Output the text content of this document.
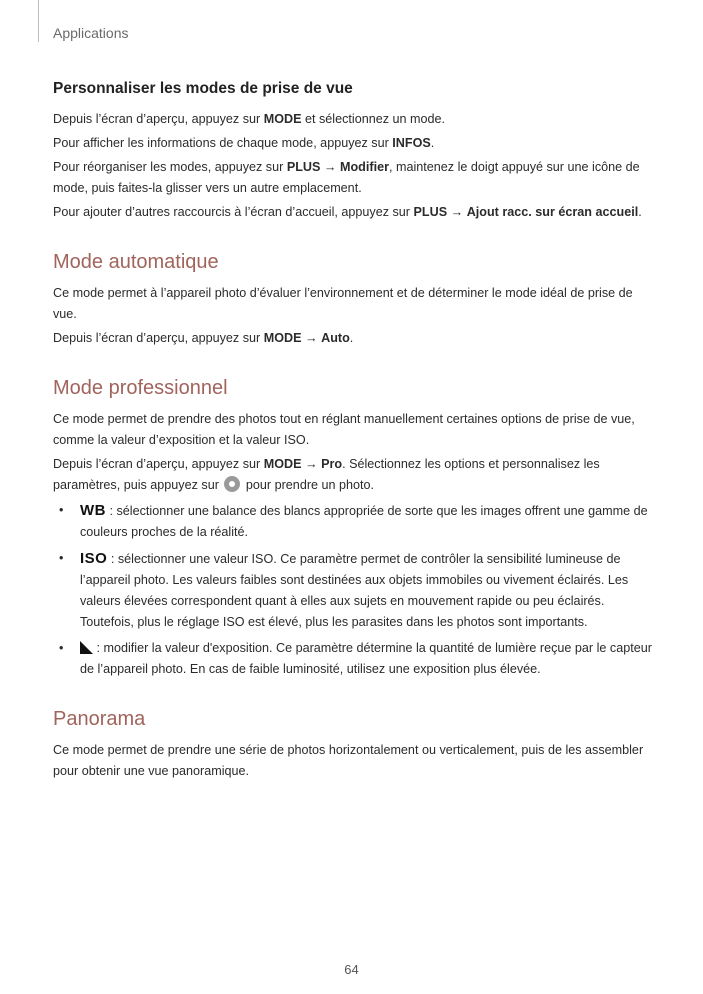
Applications
Personnaliser les modes de prise de vue

Depuis l’écran d’aperçu, appuyez sur MODE et sélectionnez un mode.

Pour afficher les informations de chaque mode, appuyez sur INFOS.

Pour réorganiser les modes, appuyez sur PLUS → Modifier, maintenez le doigt appuyé sur une icône de mode, puis faites-la glisser vers un autre emplacement.

Pour ajouter d’autres raccourcis à l’écran d’accueil, appuyez sur PLUS → Ajout racc. sur écran accueil.

Mode automatique

Ce mode permet à l’appareil photo d’évaluer l’environnement et de déterminer le mode idéal de prise de vue.

Depuis l’écran d’aperçu, appuyez sur MODE → Auto.

Mode professionnel

Ce mode permet de prendre des photos tout en réglant manuellement certaines options de prise de vue, comme la valeur d’exposition et la valeur ISO.

Depuis l’écran d’aperçu, appuyez sur MODE → Pro. Sélectionnez les options et personnalisez les paramètres, puis appuyez sur  pour prendre un photo.

• WB : sélectionner une balance des blancs appropriée de sorte que les images offrent une gamme de couleurs proches de la réalité.
• ISO : sélectionner une valeur ISO. Ce paramètre permet de contrôler la sensibilité lumineuse de l’appareil photo. Les valeurs faibles sont destinées aux objets immobiles ou vivement éclairés. Les valeurs élevées correspondent quant à elles aux sujets en mouvement rapide ou peu éclairés. Toutefois, plus le réglage ISO est élevé, plus les parasites dans les photos sont importants.
• : modifier la valeur d'exposition. Ce paramètre détermine la quantité de lumière reçue par le capteur de l’appareil photo. En cas de faible luminosité, utilisez une exposition plus élevée.
Panorama

Ce mode permet de prendre une série de photos horizontalement ou verticalement, puis de les assembler pour obtenir une vue panoramique.

64
